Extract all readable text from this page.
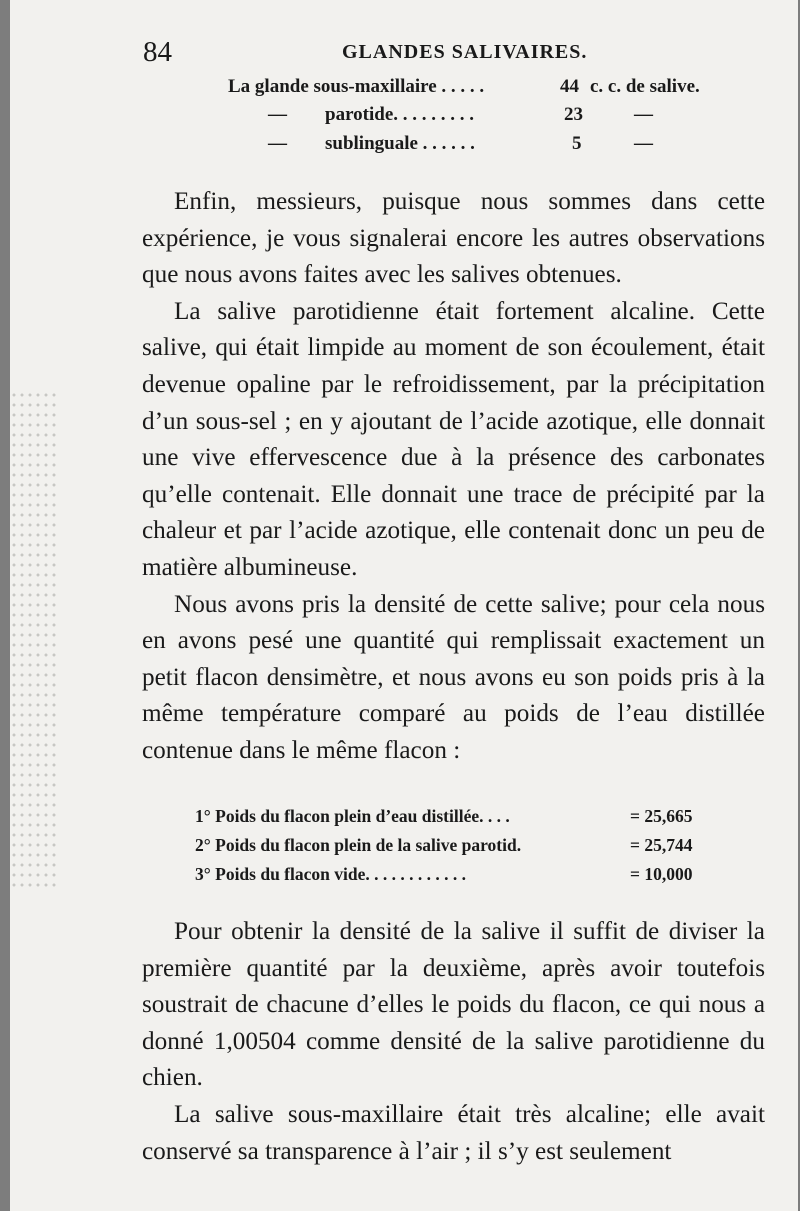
84	GLANDES SALIVAIRES.
La glande sous-maxillaire . . . . .	44 c. c. de salive.
— parotide. . . . . . . . .	23	—
— sublinguale . . . . . .	5	—

Enfin, messieurs, puisque nous sommes dans cette expérience, je vous signalerai encore les autres observations que nous avons faites avec les salives obtenues.

La salive parotidienne était fortement alcaline. Cette salive, qui était limpide au moment de son écoulement, était devenue opaline par le refroidissement, par la précipitation d’un sous-sel ; en y ajoutant de l’acide azotique, elle donnait une vive effervescence due à la présence des carbonates qu’elle contenait. Elle donnait une trace de précipité par la chaleur et par l’acide azotique, elle contenait donc un peu de matière albumineuse.

Nous avons pris la densité de cette salive; pour cela nous en avons pesé une quantité qui remplissait exactement un petit flacon densimètre, et nous avons eu son poids pris à la même température comparé au poids de l’eau distillée contenue dans le même flacon :

1° Poids du flacon plein d’eau distillée. . . .	= 25,665
2° Poids du flacon plein de la salive parotid.	= 25,744
3° Poids du flacon vide. . . . . . . . . . . .	= 10,000

Pour obtenir la densité de la salive il suffit de diviser la première quantité par la deuxième, après avoir toutefois soustrait de chacune d’elles le poids du flacon, ce qui nous a donné 1,00504 comme densité de la salive parotidienne du chien.

La salive sous-maxillaire était très alcaline; elle avait conservé sa transparence à l’air ; il s’y est seulement
